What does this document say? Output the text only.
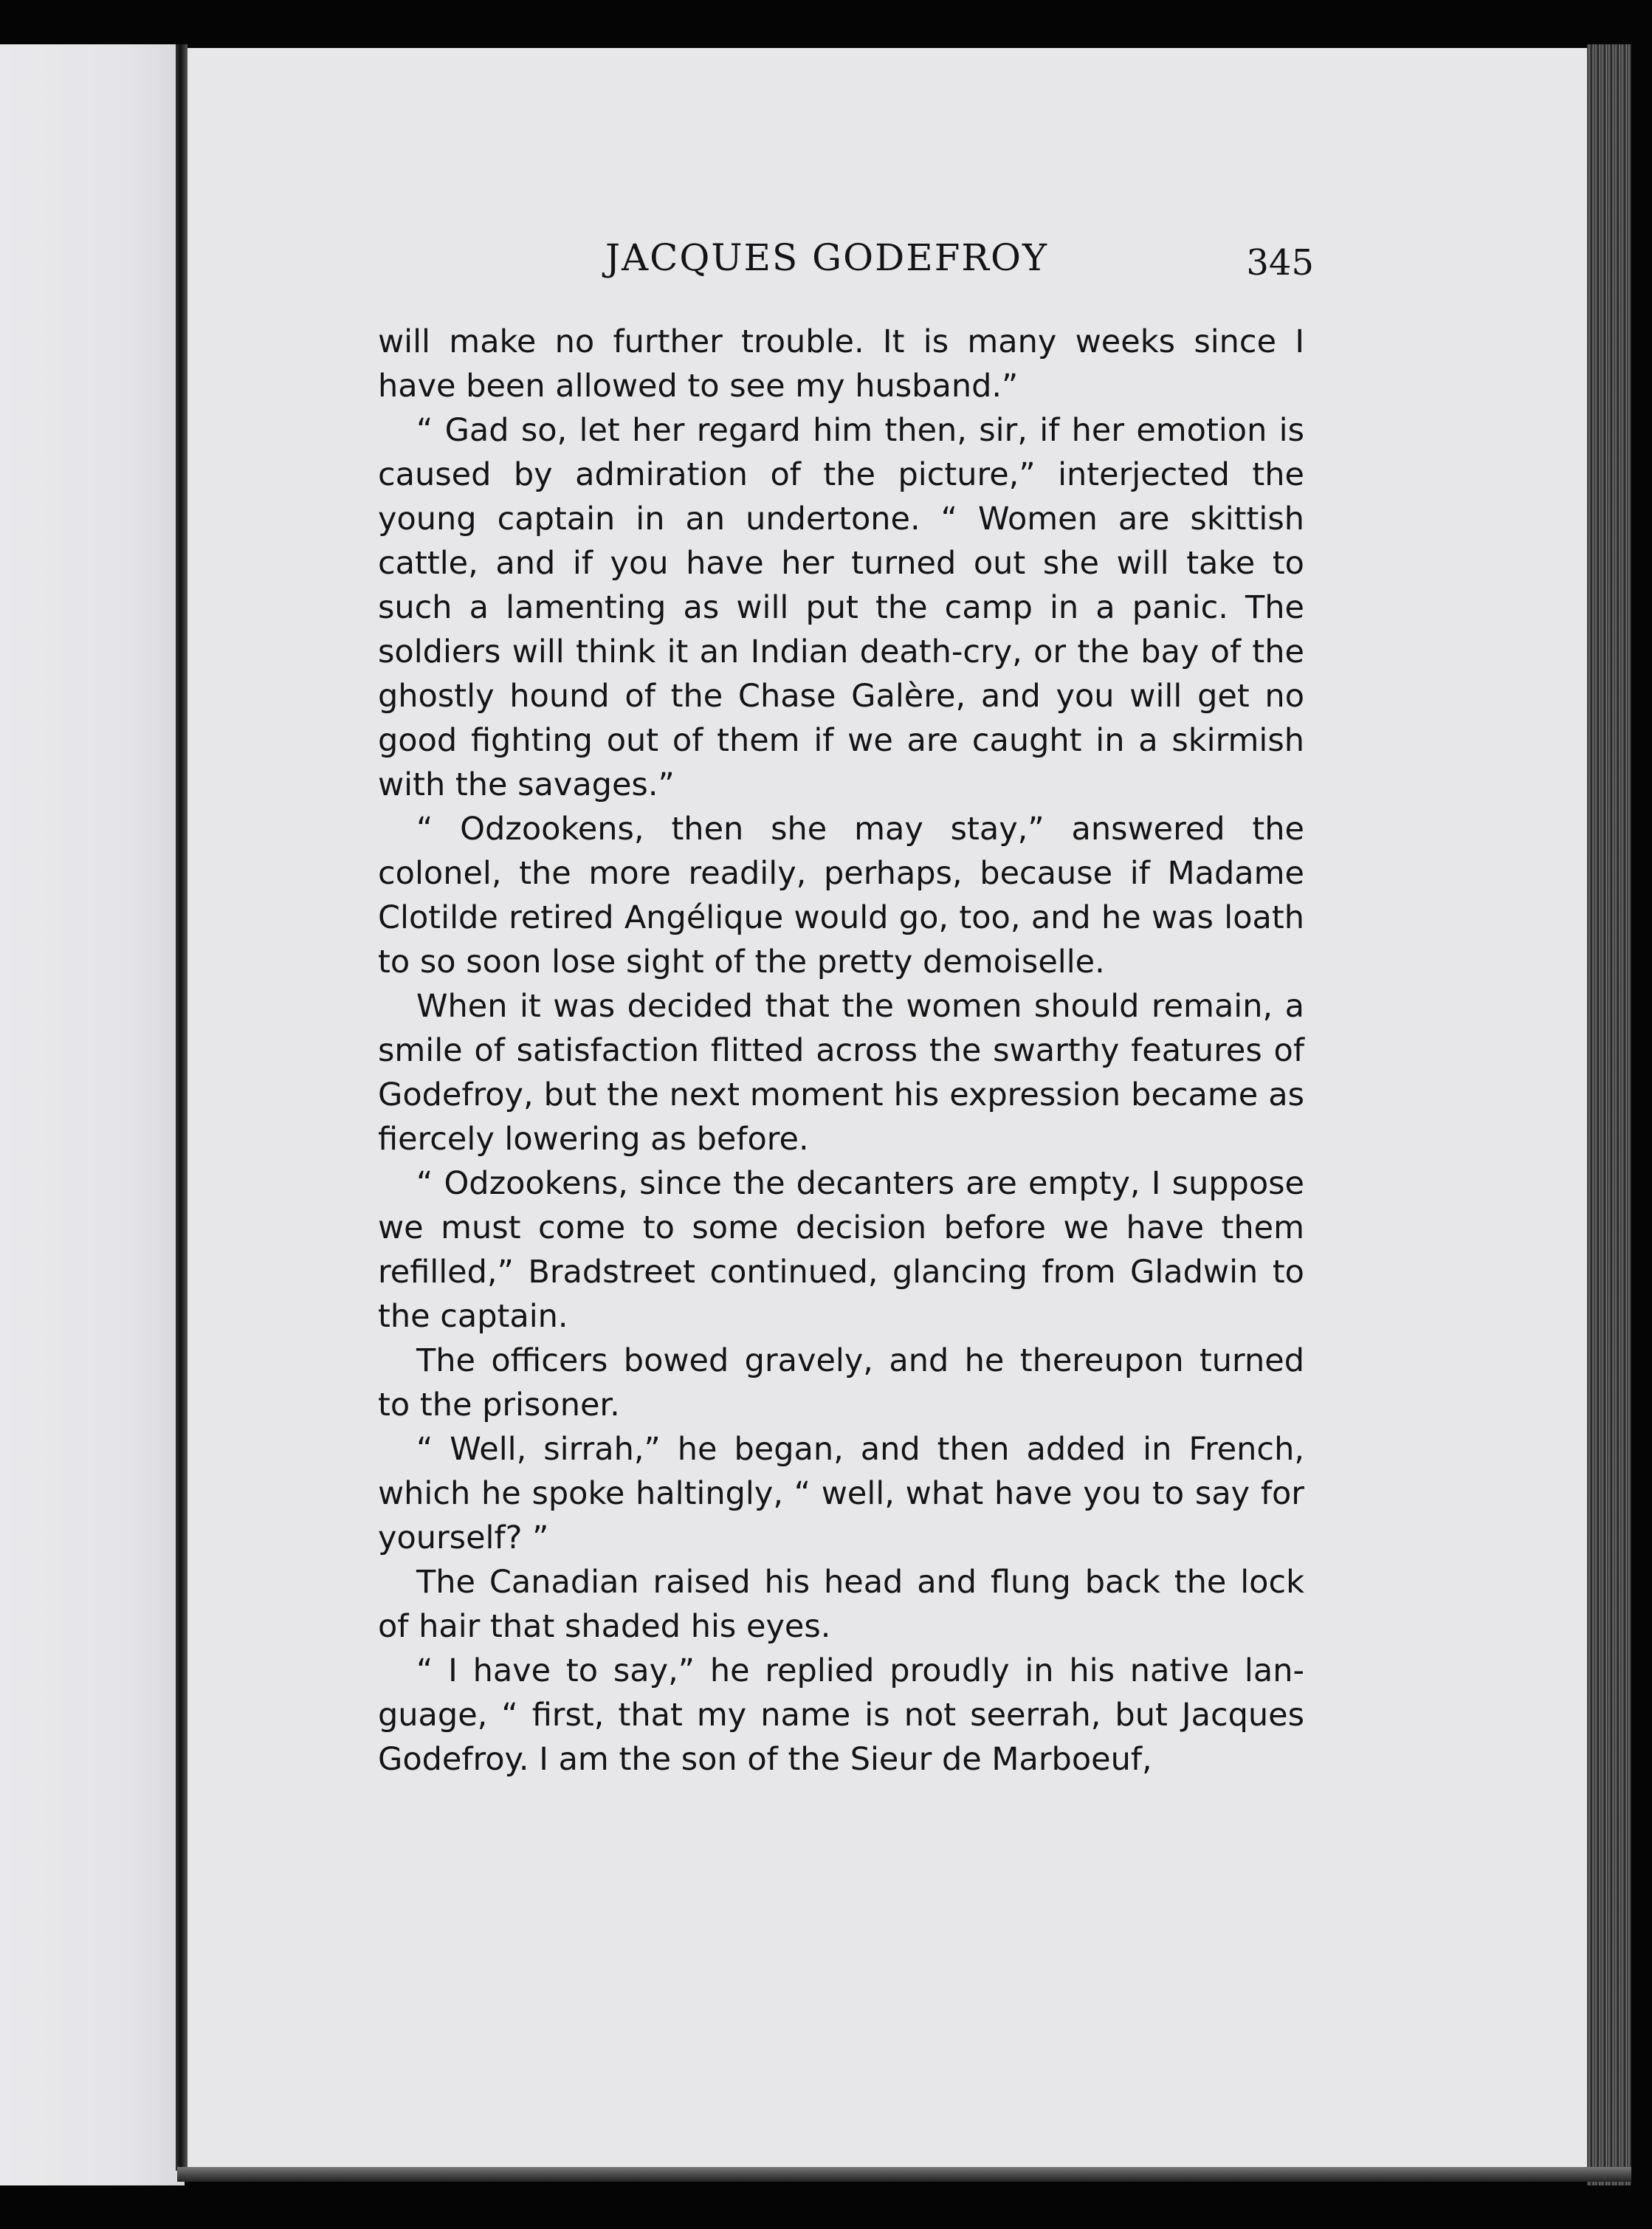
JACQUES GODEFROY	345

will make no further trouble. It is many weeks since I have been allowed to see my husband.”

“ Gad so, let her regard him then, sir, if her emotion is caused by admiration of the picture,” interjected the young captain in an undertone. “ Women are skittish cattle, and if you have her turned out she will take to such a lamenting as will put the camp in a panic. The soldiers will think it an Indian death-cry, or the bay of the ghostly hound of the Chase Galère, and you will get no good fighting out of them if we are caught in a skirmish with the savages.”

“ Odzookens, then she may stay,” answered the colonel, the more readily, perhaps, because if Madame Clotilde retired Angélique would go, too, and he was loath to so soon lose sight of the pretty demoiselle.

When it was decided that the women should remain, a smile of satisfaction flitted across the swarthy features of Godefroy, but the next moment his expression became as fiercely lowering as before.

“ Odzookens, since the decanters are empty, I suppose we must come to some decision before we have them refilled,” Bradstreet continued, glancing from Gladwin to the captain.

The officers bowed gravely, and he thereupon turned to the prisoner.

“ Well, sirrah,” he began, and then added in French, which he spoke haltingly, “ well, what have you to say for yourself? ”

The Canadian raised his head and flung back the lock of hair that shaded his eyes.

“ I have to say,” he replied proudly in his native language, “ first, that my name is not seerrah, but Jacques Godefroy. I am the son of the Sieur de Marboeuf,
